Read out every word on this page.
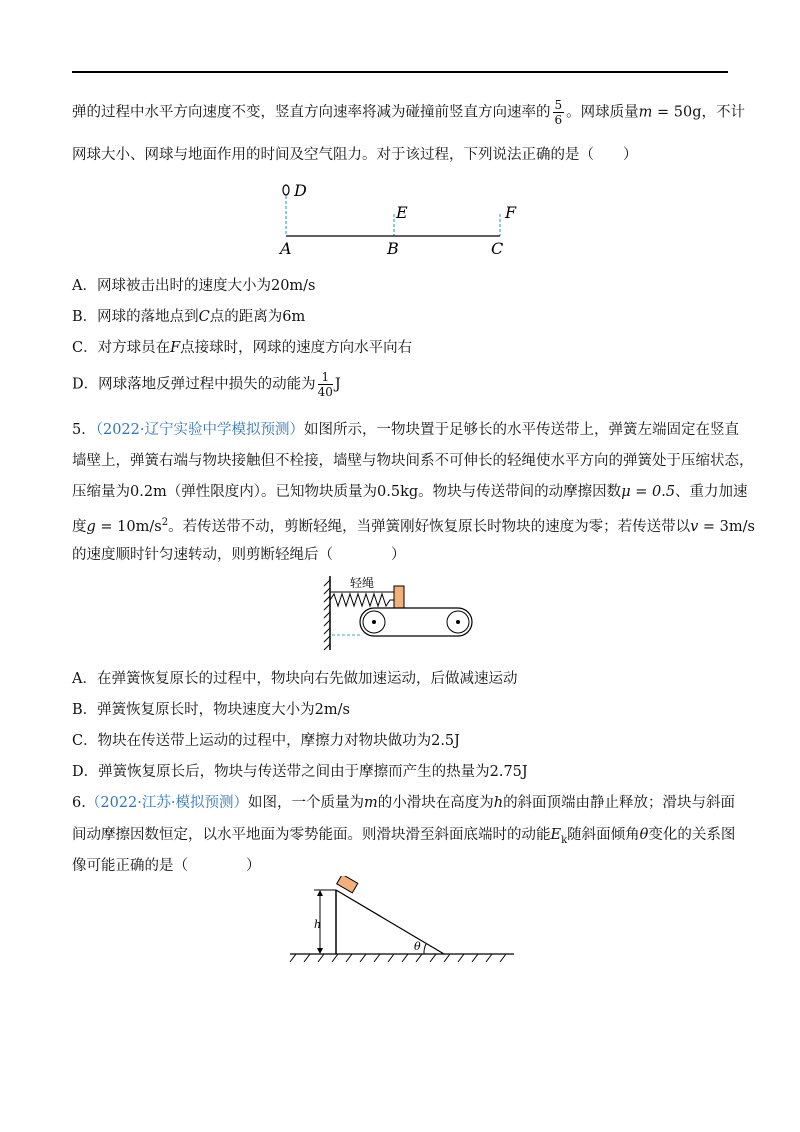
弹的过程中水平方向速度不变，竖直方向速率将减为碰撞前竖直方向速率的 $\frac{5}{6}$ 。网球质量m = 50g，不计
网球大小、网球与地面作用的时间及空气阻力。对于该过程，下列说法正确的是（　　）
D
E	F
A	B	C
A．网球被击出时的速度大小为20m/s
B．网球的落地点到C点的距离为6m
C．对方球员在F点接球时，网球的速度方向水平向右
D．网球落地反弹过程中损失的动能为 $\frac{1}{40}$ J
5．（2022·辽宁实验中学模拟预测）如图所示，一物块置于足够长的水平传送带上，弹簧左端固定在竖直
墙壁上，弹簧右端与物块接触但不栓接，墙壁与物块间系不可伸长的轻绳使水平方向的弹簧处于压缩状态，
压缩量为0.2m（弹性限度内）。已知物块质量为0.5kg。物块与传送带间的动摩擦因数μ = 0.5、重力加速
度$g = 10m/s^2$。若传送带不动，剪断轻绳，当弹簧刚好恢复原长时物块的速度为零；若传送带以v = 3m/s
的速度顺时针匀速转动，则剪断轻绳后（　　　　）
轻绳
A．在弹簧恢复原长的过程中，物块向右先做加速运动，后做减速运动
B．弹簧恢复原长时，物块速度大小为2m/s
C．物块在传送带上运动的过程中，摩擦力对物块做功为2.5J
D．弹簧恢复原长后，物块与传送带之间由于摩擦而产生的热量为2.75J
6.（2022·江苏·模拟预测）如图，一个质量为m的小滑块在高度为h的斜面顶端由静止释放；滑块与斜面
间动摩擦因数恒定，以水平地面为零势能面。则滑块滑至斜面底端时的动能$E_k$随斜面倾角θ变化的关系图
像可能正确的是（　　　　）
h
θ
